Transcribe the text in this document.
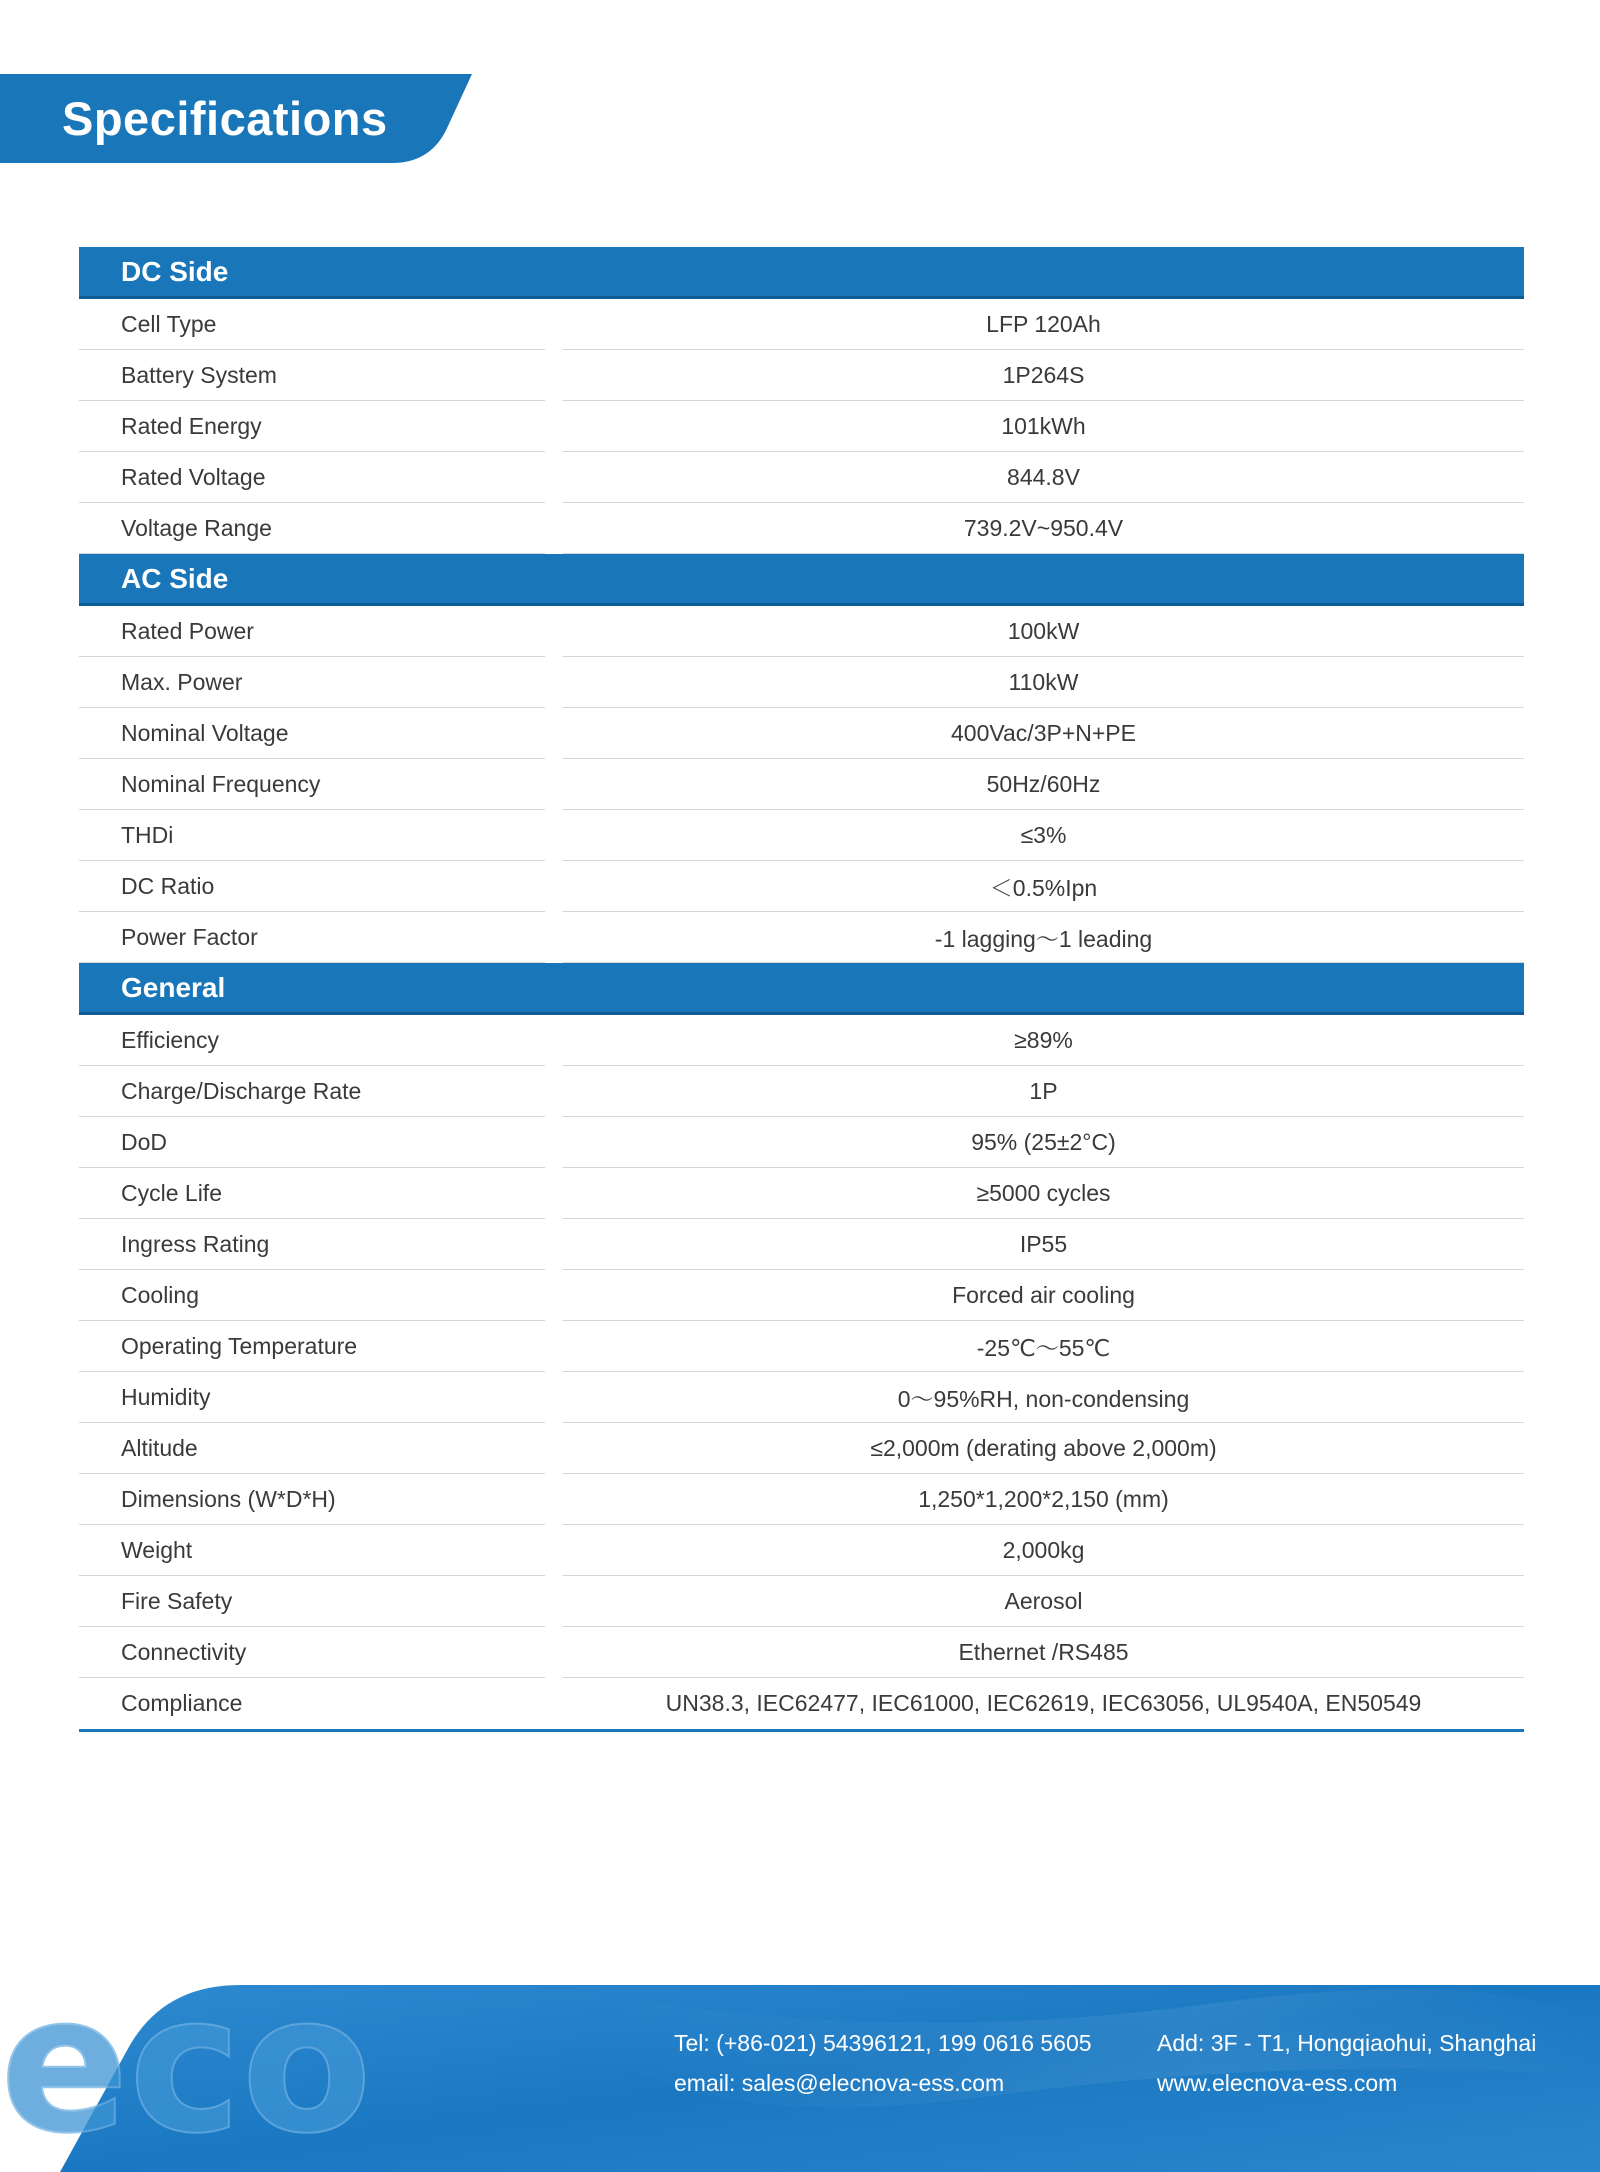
Specifications
DC Side
Cell Type	LFP 120Ah
Battery System	1P264S
Rated Energy	101kWh
Rated Voltage	844.8V
Voltage Range	739.2V~950.4V
AC Side
Rated Power	100kW
Max. Power	110kW
Nominal Voltage	400Vac/3P+N+PE
Nominal Frequency	50Hz/60Hz
THDi	≤3%
DC Ratio	＜0.5%Ipn
Power Factor	-1 lagging～1 leading
General
Efficiency	≥89%
Charge/Discharge Rate	1P
DoD	95% (25±2°C)
Cycle Life	≥5000 cycles
Ingress Rating	IP55
Cooling	Forced air cooling
Operating Temperature	-25℃～55℃
Humidity	0～95%RH, non-condensing
Altitude	≤2,000m (derating above 2,000m)
Dimensions (W*D*H)	1,250*1,200*2,150 (mm)
Weight	2,000kg
Fire Safety	Aerosol
Connectivity	Ethernet /RS485
Compliance	UN38.3, IEC62477, IEC61000, IEC62619, IEC63056, UL9540A, EN50549
eco	Tel: (+86-021) 54396121, 199 0616 5605
email: sales@elecnova-ess.com
Add: 3F - T1, Hongqiaohui, Shanghai
www.elecnova-ess.com
